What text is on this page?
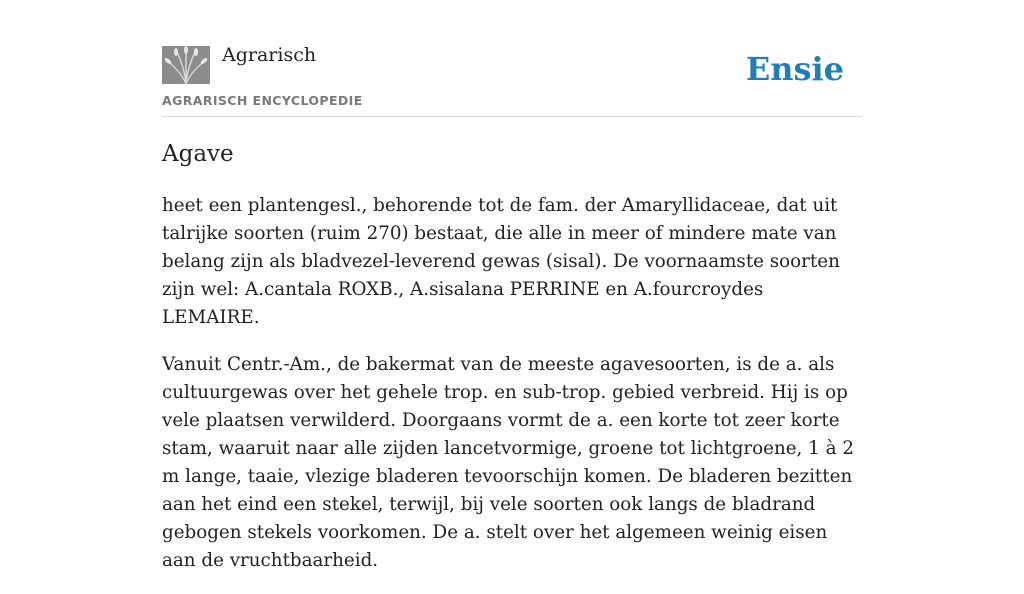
Agrarisch
AGRARISCH ENCYCLOPEDIE
Ensie
Agave

heet een plantengesl., behorende tot de fam. der Amaryllidaceae, dat uit talrijke soorten (ruim 270) bestaat, die alle in meer of mindere mate van belang zijn als bladvezel-leverend gewas (sisal). De voornaamste soorten zijn wel: A.cantala ROXB., A.sisalana PERRINE en A.fourcroydes LEMAIRE.

Vanuit Centr.-Am., de bakermat van de meeste agavesoorten, is de a. als cultuurgewas over het gehele trop. en sub-trop. gebied verbreid. Hij is op vele plaatsen verwilderd. Doorgaans vormt de a. een korte tot zeer korte stam, waaruit naar alle zijden lancetvormige, groene tot lichtgroene, 1 à 2 m lange, taaie, vlezige bladeren tevoorschijn komen. De bladeren bezitten aan het eind een stekel, terwijl, bij vele soorten ook langs de bladrand gebogen stekels voorkomen. De a. stelt over het algemeen weinig eisen aan de vruchtbaarheid.
